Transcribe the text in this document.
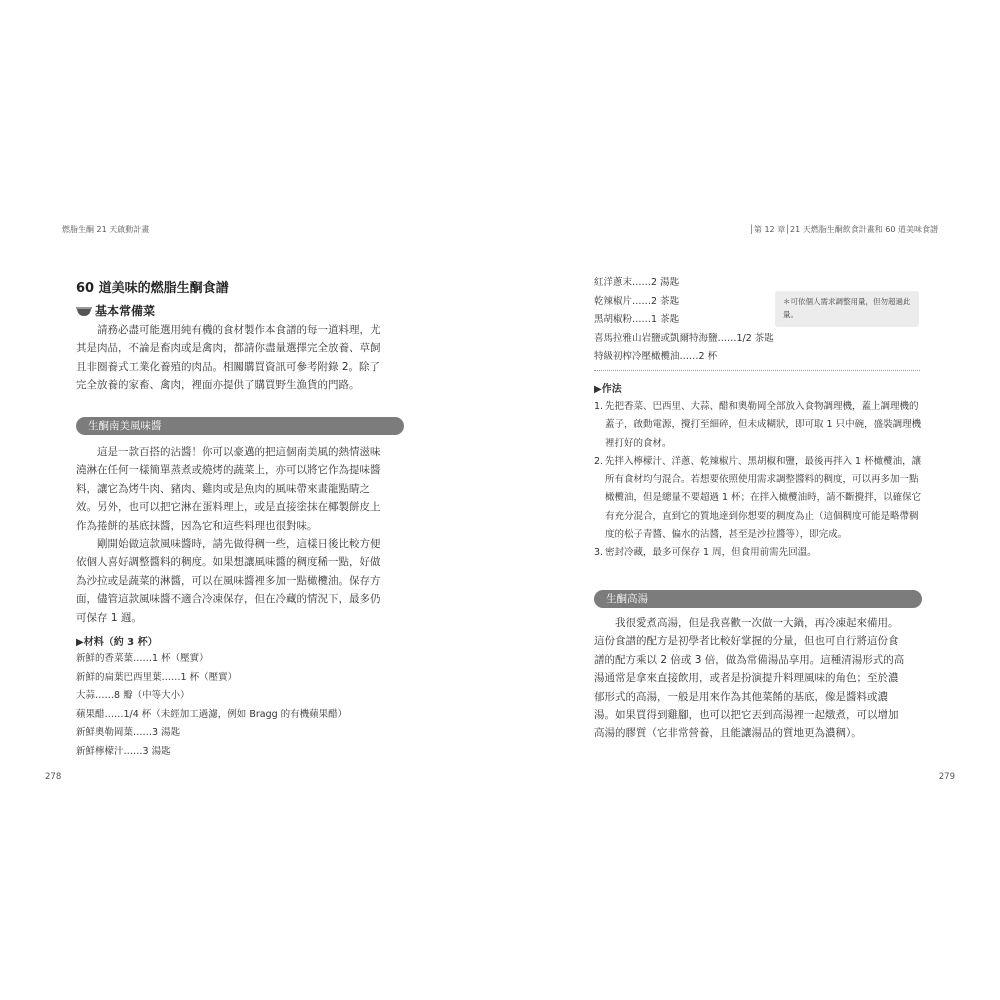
燃脂生酮 21 天啟動計畫
60 道美味的燃脂生酮食譜
基本常備菜

請務必盡可能選用純有機的食材製作本食譜的每一道料理，尤

其是肉品，不論是畜肉或是禽肉，都請你盡量選擇完全放養、草飼

且非圈養式工業化養殖的肉品。相關購買資訊可參考附錄 2。除了

完全放養的家畜、禽肉，裡面亦提供了購買野生漁貨的門路。

生酮南美風味醬

這是一款百搭的沾醬！你可以豪邁的把這個南美風的熱情滋味

澆淋在任何一樣簡單蒸煮或燒烤的蔬菜上，亦可以將它作為提味醬

料，讓它為烤牛肉、豬肉、雞肉或是魚肉的風味帶來畫龍點睛之

效。另外，也可以把它淋在蛋料理上，或是直接塗抹在椰製餅皮上

作為捲餅的基底抹醬，因為它和這些料理也很對味。

剛開始做這款風味醬時，請先做得稠一些，這樣日後比較方便

依個人喜好調整醬料的稠度。如果想讓風味醬的稠度稀一點，好做

為沙拉或是蔬菜的淋醬，可以在風味醬裡多加一點橄欖油。保存方

面，儘管這款風味醬不適合冷凍保存，但在冷藏的情況下，最多仍

可保存 1 週。

▶材料（約 3 杯）
新鮮的香菜葉……1 杯（壓實）
新鮮的扁葉巴西里葉……1 杯（壓實）
大蒜……8 瓣（中等大小）
蘋果醋……1/4 杯（未經加工過濾，例如 Bragg 的有機蘋果醋）
新鮮奧勒岡葉……3 湯匙
新鮮檸檬汁……3 湯匙
278
│第 12 章│21 天燃脂生酮飲食計畫和 60 道美味食譜
紅洋蔥末……2 湯匙
乾辣椒片……2 茶匙
黑胡椒粉……1 茶匙
喜馬拉雅山岩鹽或凱爾特海鹽……1/2 茶匙
特級初榨冷壓橄欖油……2 杯
＊可依個人需求調整用量，但勿超過此量。
▶作法
1. 先把香菜、巴西里、大蒜、醋和奧勒岡全部放入食物調理機，蓋上調理機的蓋子，啟動電源，攪打至細碎，但未成糊狀，即可取 1 只中碗，盛裝調理機裡打好的食材。
2. 先拌入檸檬汁、洋蔥、乾辣椒片、黑胡椒和鹽，最後再拌入 1 杯橄欖油，讓所有食材均勻混合。若想要依照使用需求調整醬料的稠度，可以再多加一點橄欖油，但是總量不要超過 1 杯；在拌入橄欖油時，請不斷攪拌，以確保它有充分混合，直到它的質地達到你想要的稠度為止（這個稠度可能是略帶稠度的松子青醬、偏水的沾醬，甚至是沙拉醬等），即完成。
3. 密封冷藏，最多可保存 1 周，但食用前需先回溫。
生酮高湯

我很愛煮高湯，但是我喜歡一次做一大鍋，再冷凍起來備用。

這份食譜的配方是初學者比較好掌握的分量，但也可自行將這份食

譜的配方乘以 2 倍或 3 倍，做為常備湯品享用。這種清湯形式的高

湯通常是拿來直接飲用，或者是扮演提升料理風味的角色；至於濃

郁形式的高湯，一般是用來作為其他菜餚的基底，像是醬料或濃

湯。如果買得到雞腳，也可以把它丟到高湯裡一起燉煮，可以增加

高湯的膠質（它非常營養，且能讓湯品的質地更為濃稠）。

279
